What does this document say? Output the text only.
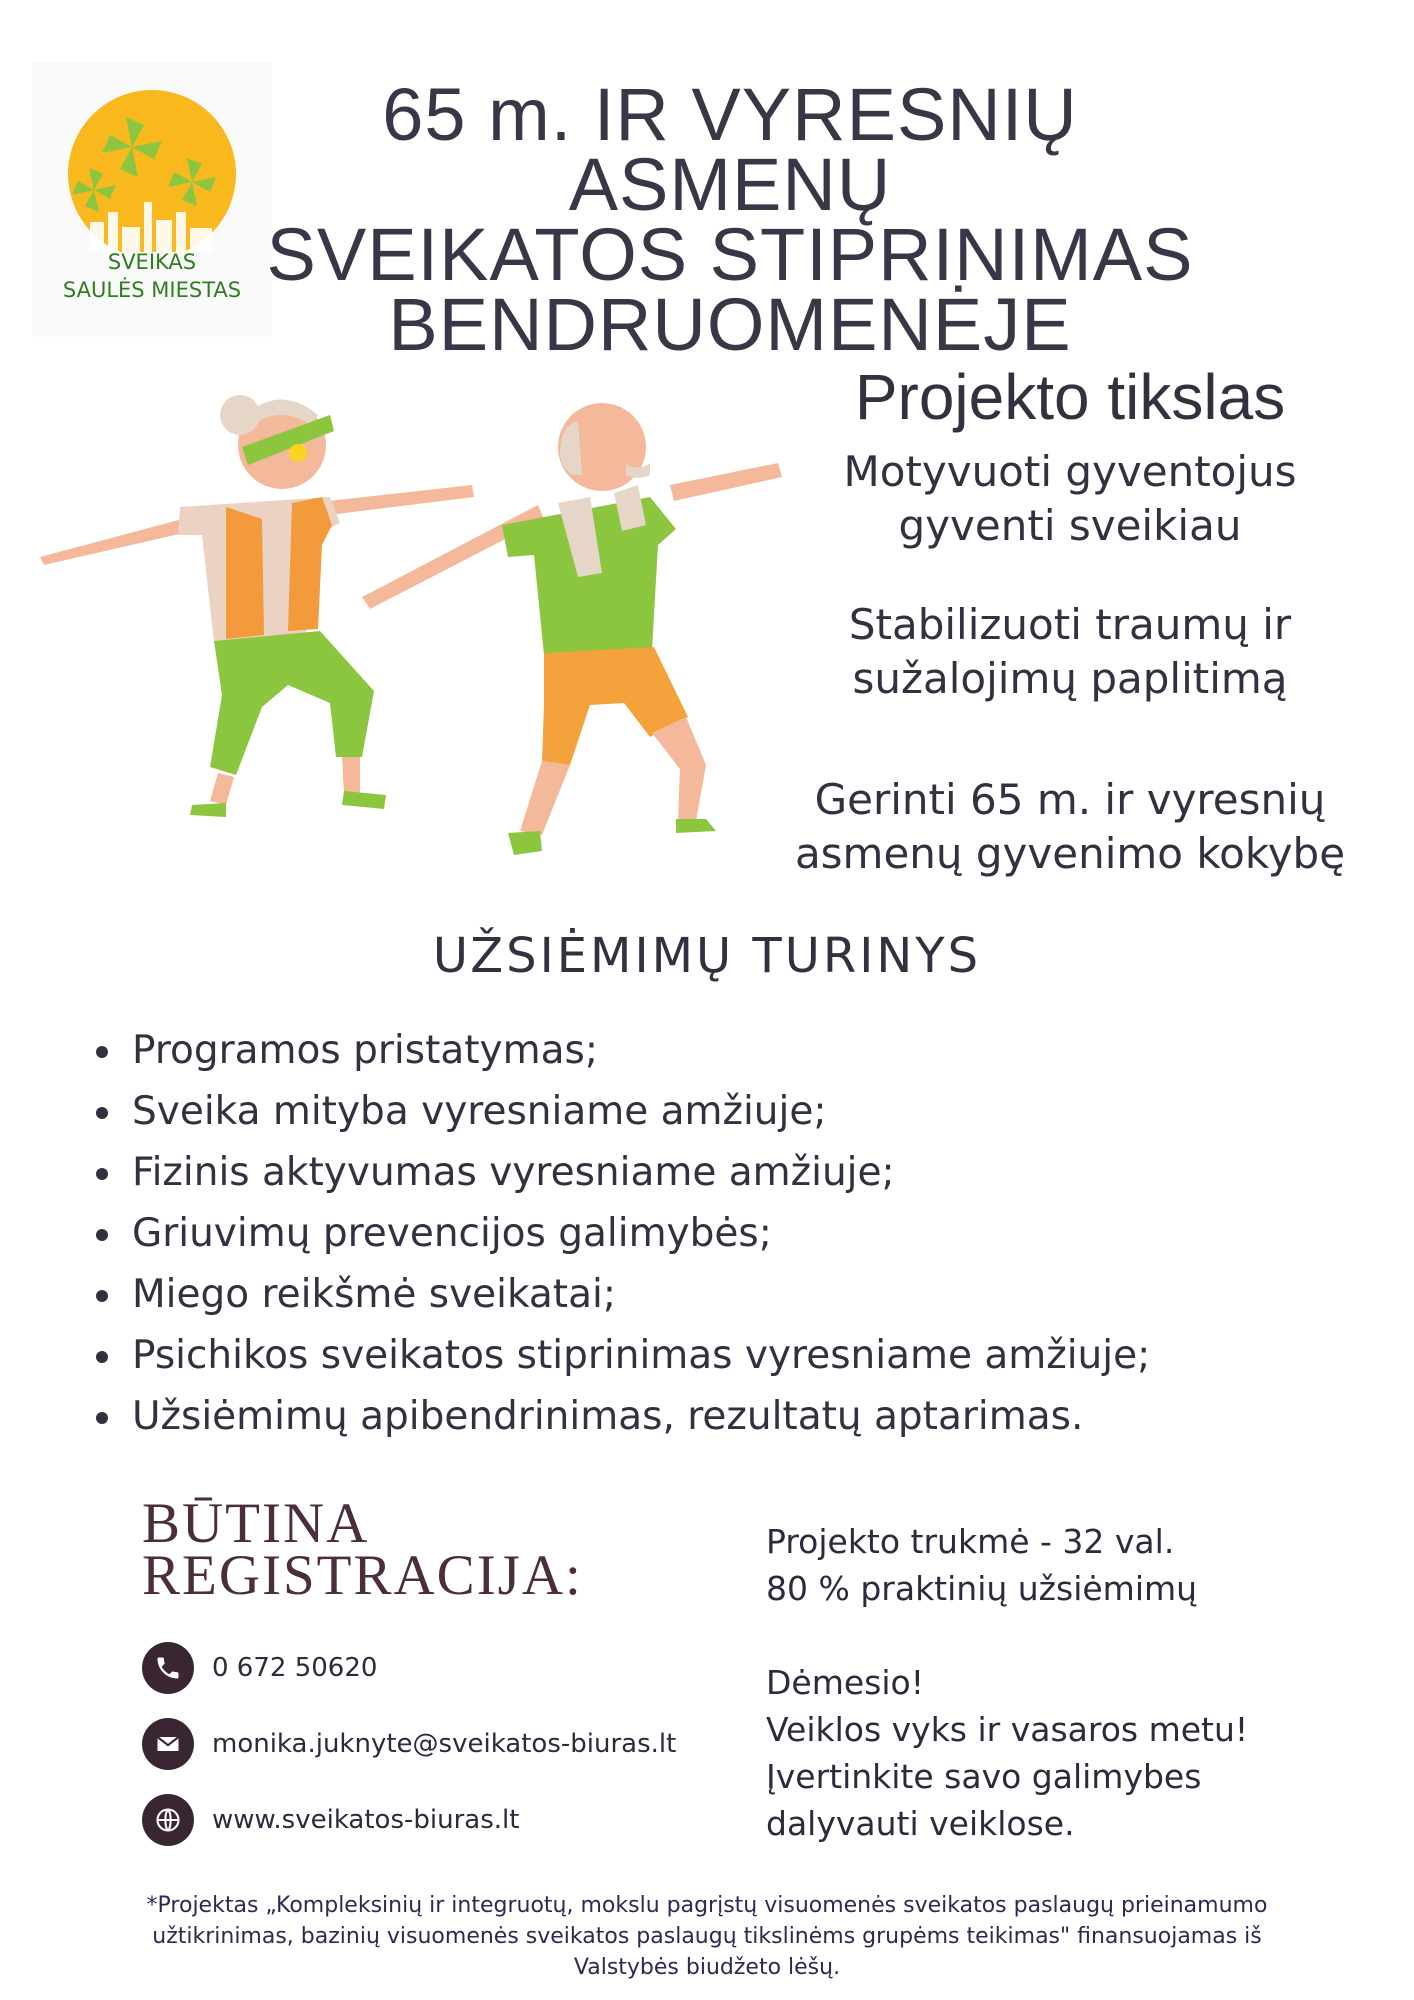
SVEIKAS
SAULĖS MIESTAS
65 m. IR VYRESNIŲ ASMENŲ
SVEIKATOS STIPRINIMAS
BENDRUOMENĖJE
Projekto tikslas
Motyvuoti gyventojus
gyventi sveikiau
Stabilizuoti traumų ir
sužalojimų paplitimą
Gerinti 65 m. ir vyresnių
asmenų gyvenimo kokybę
UŽSIĖMIMŲ TURINYS
Programos pristatymas;
Sveika mityba vyresniame amžiuje;
Fizinis aktyvumas vyresniame amžiuje;
Griuvimų prevencijos galimybės;
Miego reikšmė sveikatai;
Psichikos sveikatos stiprinimas vyresniame amžiuje;
Užsiėmimų apibendrinimas, rezultatų aptarimas.
BŪTINA
REGISTRACIJA:
0 672 50620
monika.juknyte@sveikatos-biuras.lt
www.sveikatos-biuras.lt
Projekto trukmė - 32 val.
80 % praktinių užsiėmimų
Dėmesio!
Veiklos vyks ir vasaros metu!
Įvertinkite savo galimybes
dalyvauti veiklose.
*Projektas „Kompleksinių ir integruotų, mokslu pagrįstų visuomenės sveikatos paslaugų prieinamumo
užtikrinimas, bazinių visuomenės sveikatos paslaugų tikslinėms grupėms teikimas" finansuojamas iš
Valstybės biudžeto lėšų.
